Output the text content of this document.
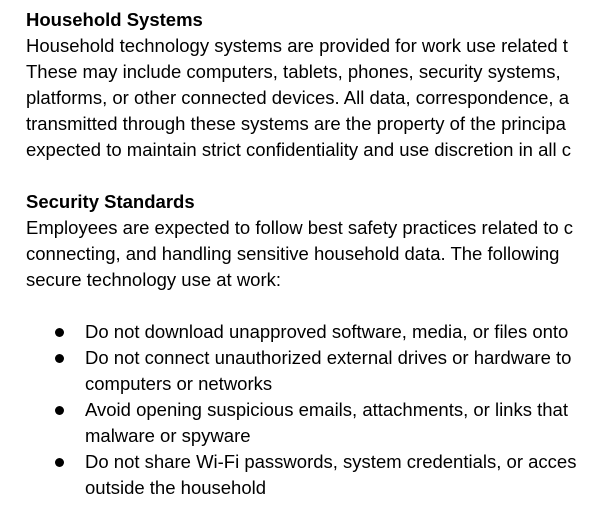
Household Systems

Household technology systems are provided for work use related t

These may include computers, tablets, phones, security systems,

platforms, or other connected devices. All data, correspondence, a

transmitted through these systems are the property of the principa

expected to maintain strict confidentiality and use discretion in all c

Security Standards

Employees are expected to follow best safety practices related to c

connecting, and handling sensitive household data. The following

secure technology use at work:

Do not download unapproved software, media, or files onto
Do not connect unauthorized external drives or hardware to
computers or networks
Avoid opening suspicious emails, attachments, or links that
malware or spyware
Do not share Wi-Fi passwords, system credentials, or acces
outside the household
